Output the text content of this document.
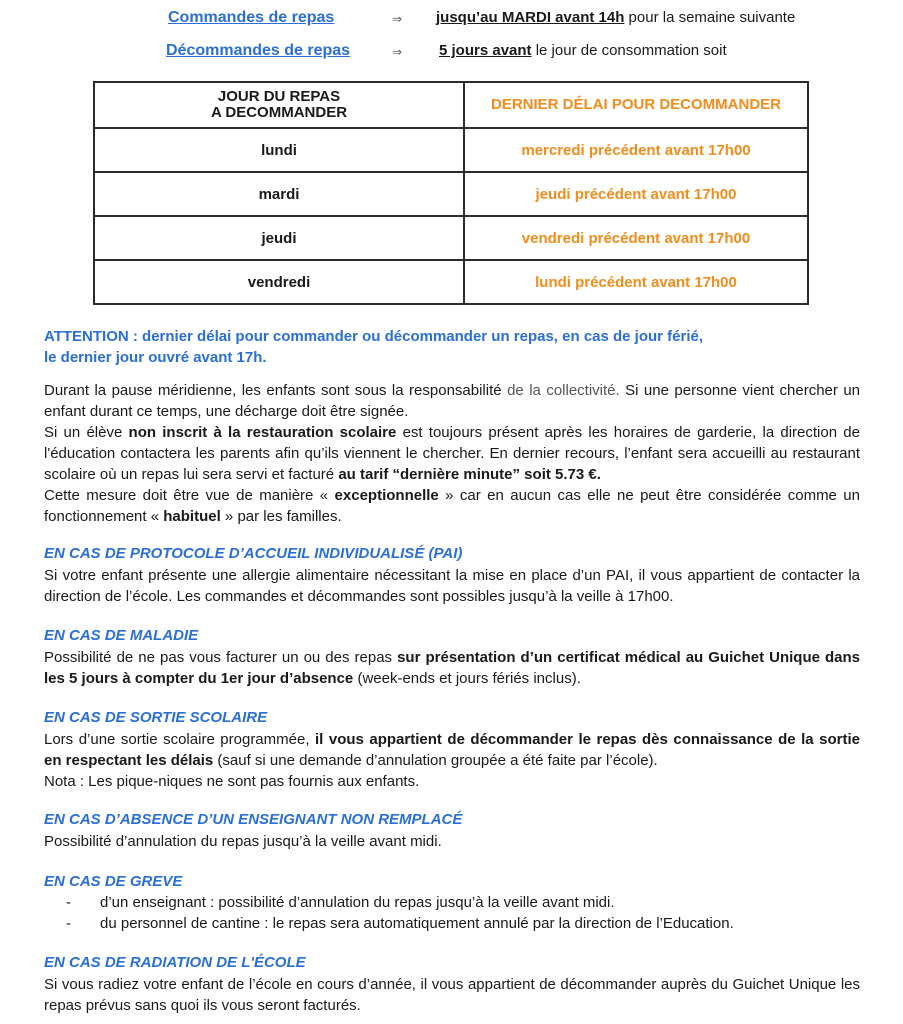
Commandes de repas	⇒ jusqu’au MARDI avant 14h pour la semaine suivante
Décommandes de repas	⇒ 5 jours avant le jour de consommation soit
JOUR DU REPAS
A DECOMMANDER	DERNIER DÉLAI POUR DECOMMANDER
lundi	mercredi précédent avant 17h00
mardi	jeudi précédent avant 17h00
jeudi	vendredi précédent avant 17h00
vendredi	lundi précédent avant 17h00
ATTENTION : dernier délai pour commander ou décommander un repas, en cas de jour férié,
le dernier jour ouvré avant 17h.
Durant la pause méridienne, les enfants sont sous la responsabilité de la collectivité. Si une personne vient chercher un enfant durant ce temps, une décharge doit être signée.
Si un élève non inscrit à la restauration scolaire est toujours présent après les horaires de garderie, la direction de l'éducation contactera les parents afin qu’ils viennent le chercher. En dernier recours, l’enfant sera accueilli au restaurant scolaire où un repas lui sera servi et facturé au tarif “dernière minute” soit 5.73 €.
Cette mesure doit être vue de manière « exceptionnelle » car en aucun cas elle ne peut être considérée comme un fonctionnement « habituel » par les familles.
EN CAS DE PROTOCOLE D’ACCUEIL INDIVIDUALISÉ (PAI)
Si votre enfant présente une allergie alimentaire nécessitant la mise en place d’un PAI, il vous appartient de contacter la direction de l’école. Les commandes et décommandes sont possibles jusqu’à la veille à 17h00.
EN CAS DE MALADIE
Possibilité de ne pas vous facturer un ou des repas sur présentation d’un certificat médical au Guichet Unique dans les 5 jours à compter du 1er jour d’absence (week-ends et jours fériés inclus).
EN CAS DE SORTIE SCOLAIRE
Lors d’une sortie scolaire programmée, il vous appartient de décommander le repas dès connaissance de la sortie en respectant les délais (sauf si une demande d’annulation groupée a été faite par l’école).
Nota : Les pique-niques ne sont pas fournis aux enfants.
EN CAS D’ABSENCE D’UN ENSEIGNANT NON REMPLACÉ
Possibilité d’annulation du repas jusqu’à la veille avant midi.
EN CAS DE GREVE
- d’un enseignant : possibilité d’annulation du repas jusqu’à la veille avant midi.
- du personnel de cantine : le repas sera automatiquement annulé par la direction de l’Education.
EN CAS DE RADIATION DE L'ÉCOLE
Si vous radiez votre enfant de l’école en cours d’année, il vous appartient de décommander auprès du Guichet Unique les repas prévus sans quoi ils vous seront facturés.
